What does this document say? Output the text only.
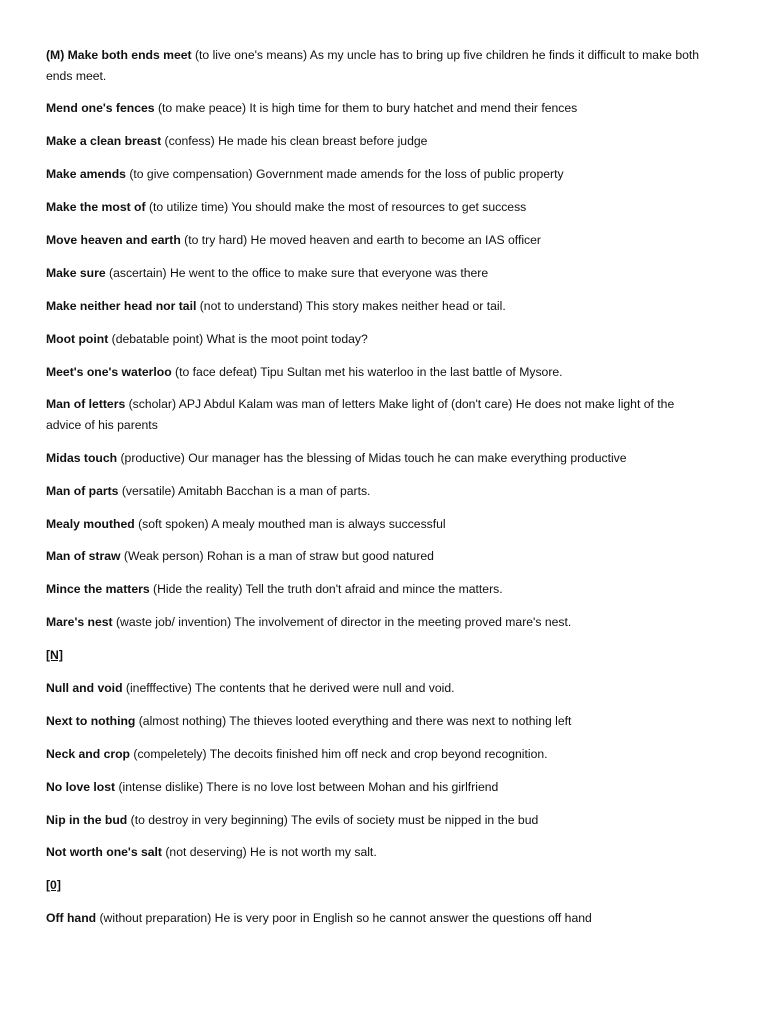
(M) Make both ends meet (to live one's means) As my uncle has to bring up five children he finds it difficult to make both ends meet.

Mend one's fences (to make peace) It is high time for them to bury hatchet and mend their fences

Make a clean breast (confess) He made his clean breast before judge

Make amends (to give compensation) Government made amends for the loss of public property

Make the most of (to utilize time) You should make the most of resources to get success

Move heaven and earth (to try hard) He moved heaven and earth to become an IAS officer

Make sure (ascertain) He went to the office to make sure that everyone was there

Make neither head nor tail (not to understand) This story makes neither head or tail.

Moot point (debatable point) What is the moot point today?

Meet's one's waterloo (to face defeat) Tipu Sultan met his waterloo in the last battle of Mysore.

Man of letters (scholar) APJ Abdul Kalam was man of letters Make light of (don't care) He does not make light of the advice of his parents

Midas touch (productive) Our manager has the blessing of Midas touch he can make everything productive

Man of parts (versatile) Amitabh Bacchan is a man of parts.

Mealy mouthed (soft spoken) A mealy mouthed man is always successful

Man of straw (Weak person) Rohan is a man of straw but good natured

Mince the matters (Hide the reality) Tell the truth don't afraid and mince the matters.

Mare's nest (waste job/ invention) The involvement of director in the meeting proved mare's nest.

[N]

Null and void (inefffective) The contents that he derived were null and void.

Next to nothing (almost nothing) The thieves looted everything and there was next to nothing left

Neck and crop (compeletely) The decoits finished him off neck and crop beyond recognition.

No love lost (intense dislike) There is no love lost between Mohan and his girlfriend

Nip in the bud (to destroy in very beginning) The evils of society must be nipped in the bud

Not worth one's salt (not deserving) He is not worth my salt.

[0]

Off hand (without preparation) He is very poor in English so he cannot answer the questions off hand
